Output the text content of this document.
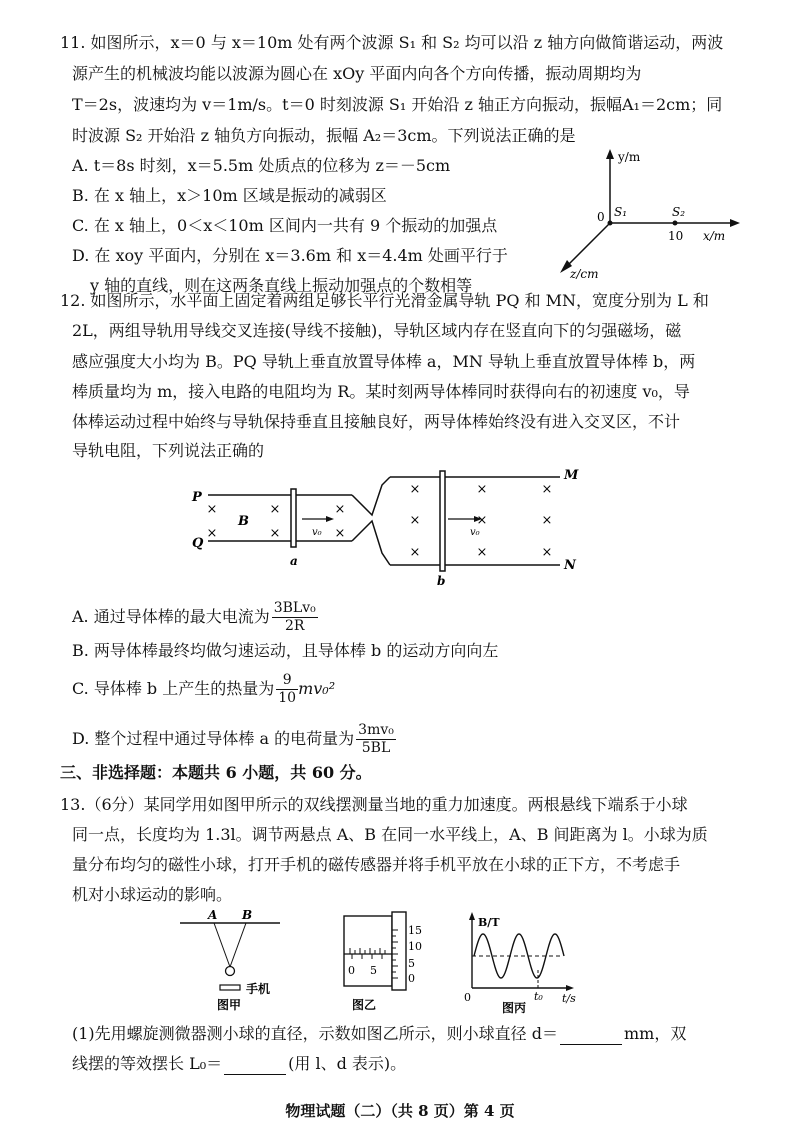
11. 如图所示，x＝0 与 x＝10m 处有两个波源 S₁ 和 S₂ 均可以沿 z 轴方向做简谐运动，两波
源产生的机械波均能以波源为圆心在 xOy 平面内向各个方向传播，振动周期均为
T＝2s，波速均为 v＝1m/s。t＝0 时刻波源 S₁ 开始沿 z 轴正方向振动，振幅A₁＝2cm；同
时波源 S₂ 开始沿 z 轴负方向振动，振幅 A₂＝3cm。下列说法正确的是
A. t＝8s 时刻，x＝5.5m 处质点的位移为 z＝－5cm
B. 在 x 轴上，x＞10m 区域是振动的减弱区
C. 在 x 轴上，0＜x＜10m 区间内一共有 9 个振动的加强点
D. 在 xoy 平面内，分别在 x＝3.6m 和 x＝4.4m 处画平行于
y 轴的直线，则在这两条直线上振动加强点的个数相等
y/m
0 S₁	S₂
10 x/m
z/cm
12. 如图所示，水平面上固定着两组足够长平行光滑金属导轨 PQ 和 MN，宽度分别为 L 和
2L，两组导轨用导线交叉连接(导线不接触)，导轨区域内存在竖直向下的匀强磁场，磁
感应强度大小均为 B。PQ 导轨上垂直放置导体棒 a，MN 导轨上垂直放置导体棒 b，两
棒质量均为 m，接入电路的电阻均为 R。某时刻两导体棒同时获得向右的初速度 v₀，导
体棒运动过程中始终与导轨保持垂直且接触良好，两导体棒始终没有进入交叉区，不计
导轨电阻，下列说法正确的
×
×
×
×
×
×
×
×
×
×
×
×
×
×
×
P
Q
B
a
b
v₀	v₀
M
N
A. 通过导体棒的最大电流为 $\frac{\text{3BLv₀}}{2R}$
B. 两导体棒最终均做匀速运动，且导体棒 b 的运动方向向左
C. 导体棒 b 上产生的热量为 $\frac{9}{10} mv_0^2$
D. 整个过程中通过导体棒 a 的电荷量为 $\frac{\text{3mv₀}}{5BL}$
三、非选择题：本题共 6 小题，共 60 分。
13.（6分）某同学用如图甲所示的双线摆测量当地的重力加速度。两根悬线下端系于小球
同一点，长度均为 1.3l。调节两悬点 A、B 在同一水平线上，A、B 间距离为 l。小球为质
量分布均匀的磁性小球，打开手机的磁传感器并将手机平放在小球的正下方，不考虑手
机对小球运动的影响。
A B
手机
图甲
15
10
5
0
0 5
图乙
B/T
0	t₀ t/s
图丙
(1)先用螺旋测微器测小球的直径，示数如图乙所示，则小球直径 d＝	mm，双
线摆的等效摆长 L₀＝	(用 l、d 表示)。
物理试题（二）（共 8 页）第 4 页
